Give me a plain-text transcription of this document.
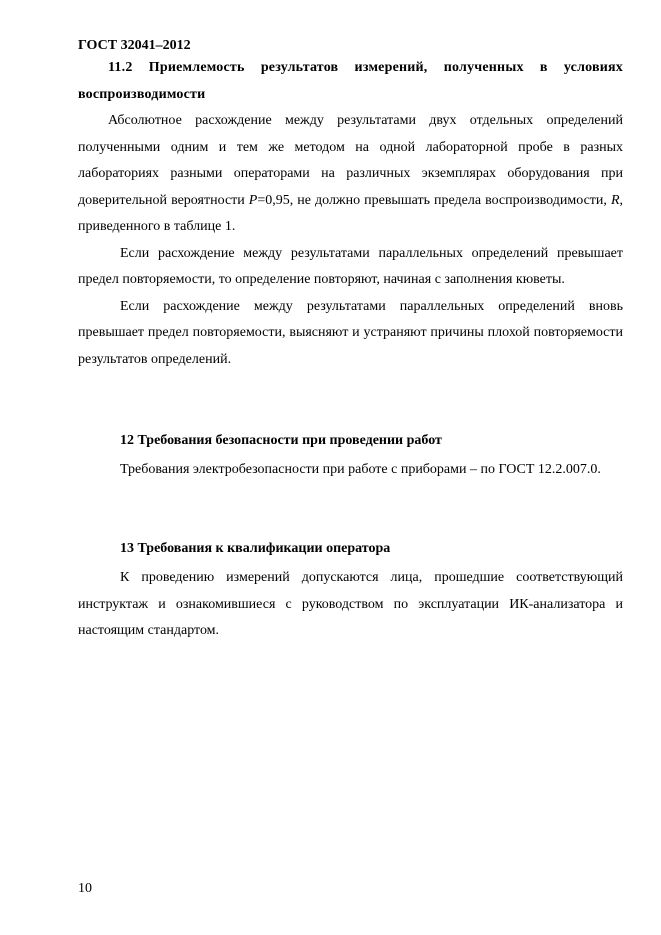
ГОСТ 32041–2012

11.2 Приемлемость результатов измерений, полученных в условиях воспроизводимости

Абсолютное расхождение между результатами двух отдельных определений полученными одним и тем же методом на одной лабораторной пробе в разных лабораториях разными операторами на различных экземплярах оборудования при доверительной вероятности P=0,95, не должно превышать предела воспроизводимости, R, приведенного в таблице 1.

Если расхождение между результатами параллельных определений превышает предел повторяемости, то определение повторяют, начиная с заполнения кюветы.

Если расхождение между результатами параллельных определений вновь превышает предел повторяемости, выясняют и устраняют причины плохой повторяемости результатов определений.

12 Требования безопасности при проведении работ

Требования электробезопасности при работе с приборами – по ГОСТ 12.2.007.0.

13 Требования к квалификации оператора

К проведению измерений допускаются лица, прошедшие соответствующий инструктаж и ознакомившиеся с руководством по эксплуатации ИК-анализатора и настоящим стандартом.

10
